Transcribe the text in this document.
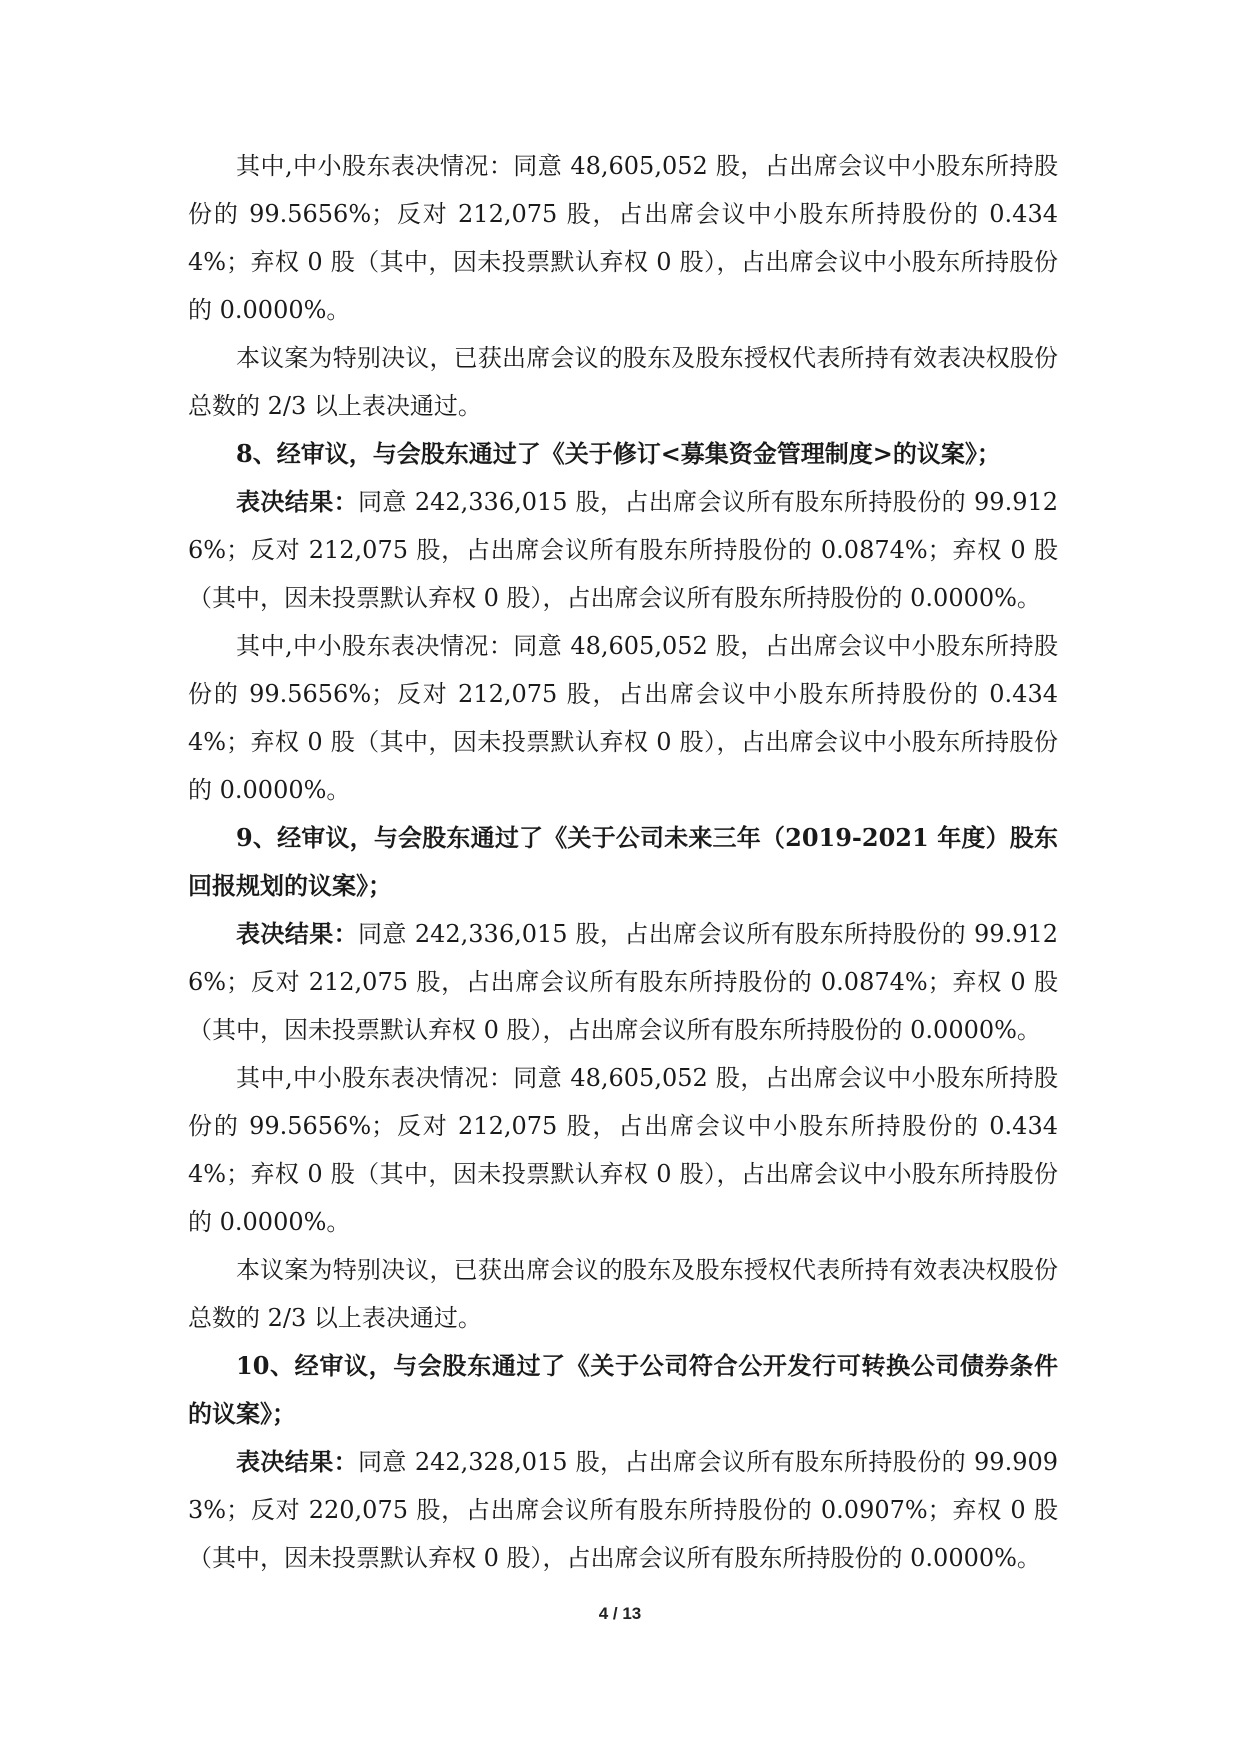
其中,中小股东表决情况：同意 48,605,052 股，占出席会议中小股东所持股份的 99.5656%；反对 212,075 股，占出席会议中小股东所持股份的 0.4344%；弃权 0 股（其中，因未投票默认弃权 0 股），占出席会议中小股东所持股份的 0.0000%。

本议案为特别决议，已获出席会议的股东及股东授权代表所持有效表决权股份总数的 2/3 以上表决通过。

8、经审议，与会股东通过了《关于修订<募集资金管理制度>的议案》；

表决结果：同意 242,336,015 股，占出席会议所有股东所持股份的 99.9126%；反对 212,075 股，占出席会议所有股东所持股份的 0.0874%；弃权 0 股（其中，因未投票默认弃权 0 股），占出席会议所有股东所持股份的 0.0000%。

其中,中小股东表决情况：同意 48,605,052 股，占出席会议中小股东所持股份的 99.5656%；反对 212,075 股，占出席会议中小股东所持股份的 0.4344%；弃权 0 股（其中，因未投票默认弃权 0 股），占出席会议中小股东所持股份的 0.0000%。

9、经审议，与会股东通过了《关于公司未来三年（2019-2021 年度）股东回报规划的议案》；

表决结果：同意 242,336,015 股，占出席会议所有股东所持股份的 99.9126%；反对 212,075 股，占出席会议所有股东所持股份的 0.0874%；弃权 0 股（其中，因未投票默认弃权 0 股），占出席会议所有股东所持股份的 0.0000%。

其中,中小股东表决情况：同意 48,605,052 股，占出席会议中小股东所持股份的 99.5656%；反对 212,075 股，占出席会议中小股东所持股份的 0.4344%；弃权 0 股（其中，因未投票默认弃权 0 股），占出席会议中小股东所持股份的 0.0000%。

本议案为特别决议，已获出席会议的股东及股东授权代表所持有效表决权股份总数的 2/3 以上表决通过。

10、经审议，与会股东通过了《关于公司符合公开发行可转换公司债券条件的议案》；

表决结果：同意 242,328,015 股，占出席会议所有股东所持股份的 99.9093%；反对 220,075 股，占出席会议所有股东所持股份的 0.0907%；弃权 0 股（其中，因未投票默认弃权 0 股），占出席会议所有股东所持股份的 0.0000%。

4 / 13
